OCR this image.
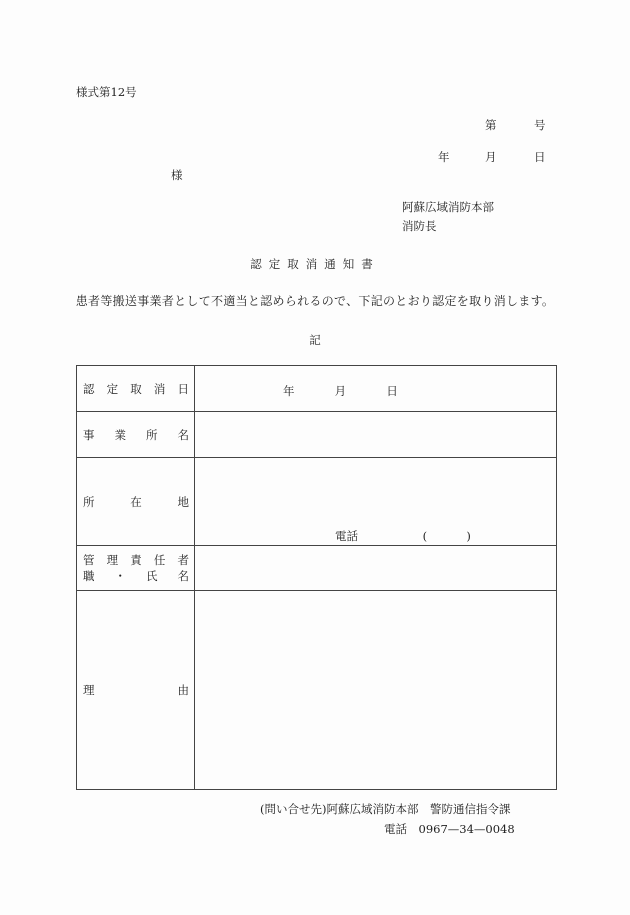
様式第12号
第	号
年	月	日
様
阿蘇広域消防本部
消防長
認定取消通知書
患者等搬送事業者として不適当と認められるので、下記のとおり認定を取り消します。
記
認 定 取 消 日	年 月 日

事 業 所 名	

所 在 地	電話 ( )

管 理 責 任 者
職 ・ 氏 名

理 由	

(問い合せ先)阿蘇広域消防本部　警防通信指令課
電話　0967—34—0048
